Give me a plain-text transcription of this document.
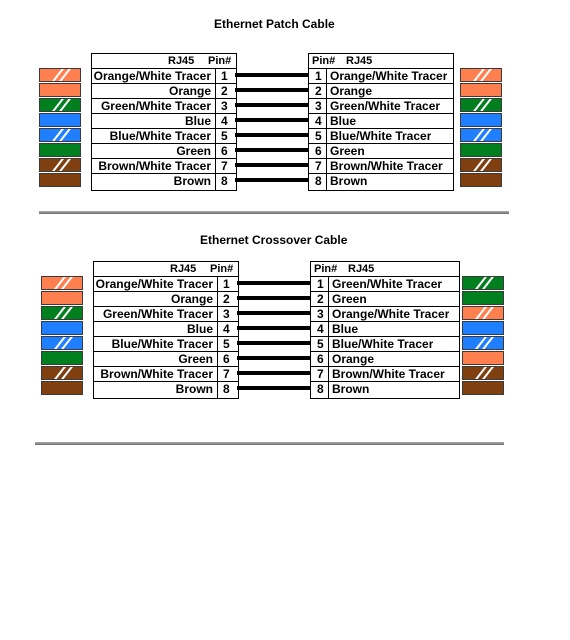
Ethernet Patch Cable
RJ45 Pin#
Orange/White Tracer 1
Orange 2
Green/White Tracer 3
Blue 4
Blue/White Tracer 5
Green 6
Brown/White Tracer 7
Brown 8
Pin# RJ45
1 Orange/White Tracer
2 Orange
3 Green/White Tracer
4 Blue
5 Blue/White Tracer
6 Green
7 Brown/White Tracer
8 Brown
Ethernet Crossover Cable
RJ45 Pin#
Orange/White Tracer 1
Orange 2
Green/White Tracer 3
Blue 4
Blue/White Tracer 5
Green 6
Brown/White Tracer 7
Brown 8
Pin# RJ45
1 Green/White Tracer
2 Green
3 Orange/White Tracer
4 Blue
5 Blue/White Tracer
6 Orange
7 Brown/White Tracer
8 Brown
